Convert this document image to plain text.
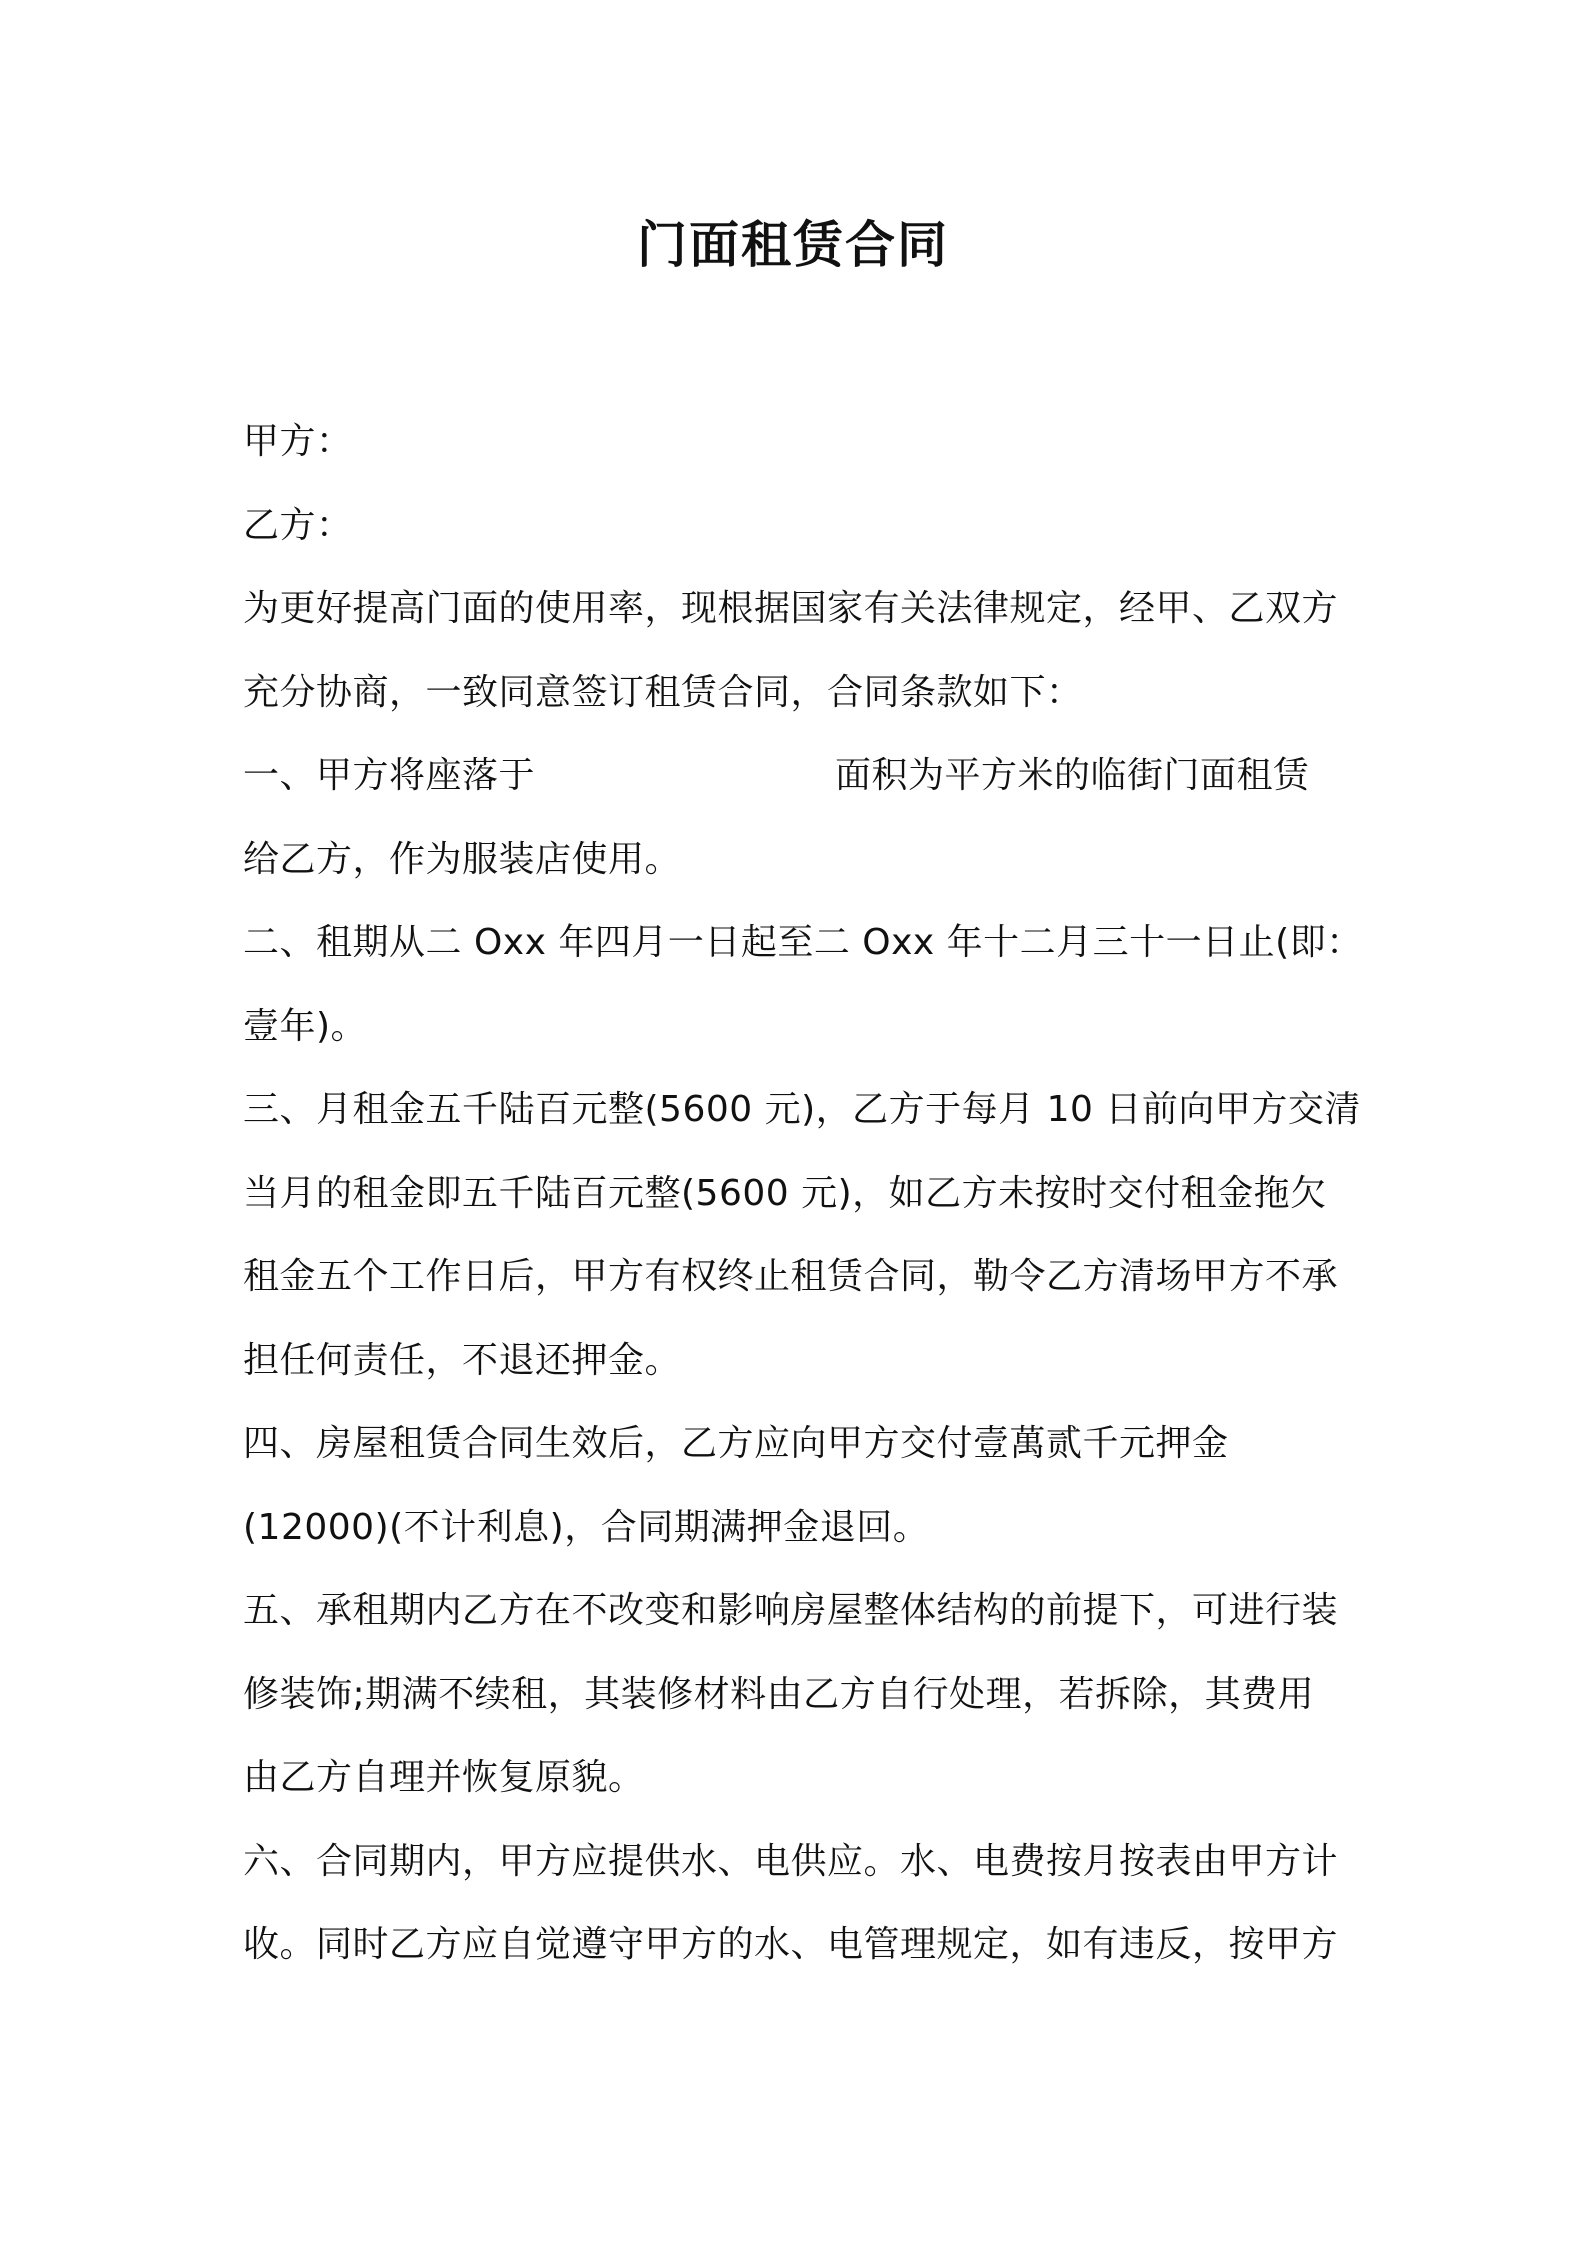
门面租赁合同
甲方：
乙方：
为更好提高门面的使用率，现根据国家有关法律规定，经甲、乙双方
充分协商，一致同意签订租赁合同，合同条款如下：
一、甲方将座落于	面积为平方米的临街门面租赁
给乙方，作为服装店使用。
二、租期从二 Oxx 年四月一日起至二 Oxx 年十二月三十一日止(即：
壹年)。
三、月租金五千陆百元整(5600 元)，乙方于每月 10 日前向甲方交清
当月的租金即五千陆百元整(5600 元)，如乙方未按时交付租金拖欠
租金五个工作日后，甲方有权终止租赁合同，勒令乙方清场甲方不承
担任何责任，不退还押金。
四、房屋租赁合同生效后，乙方应向甲方交付壹萬贰千元押金
(12000)(不计利息)，合同期满押金退回。
五、承租期内乙方在不改变和影响房屋整体结构的前提下，可进行装
修装饰;期满不续租，其装修材料由乙方自行处理，若拆除，其费用
由乙方自理并恢复原貌。
六、合同期内，甲方应提供水、电供应。水、电费按月按表由甲方计
收。同时乙方应自觉遵守甲方的水、电管理规定，如有违反，按甲方
